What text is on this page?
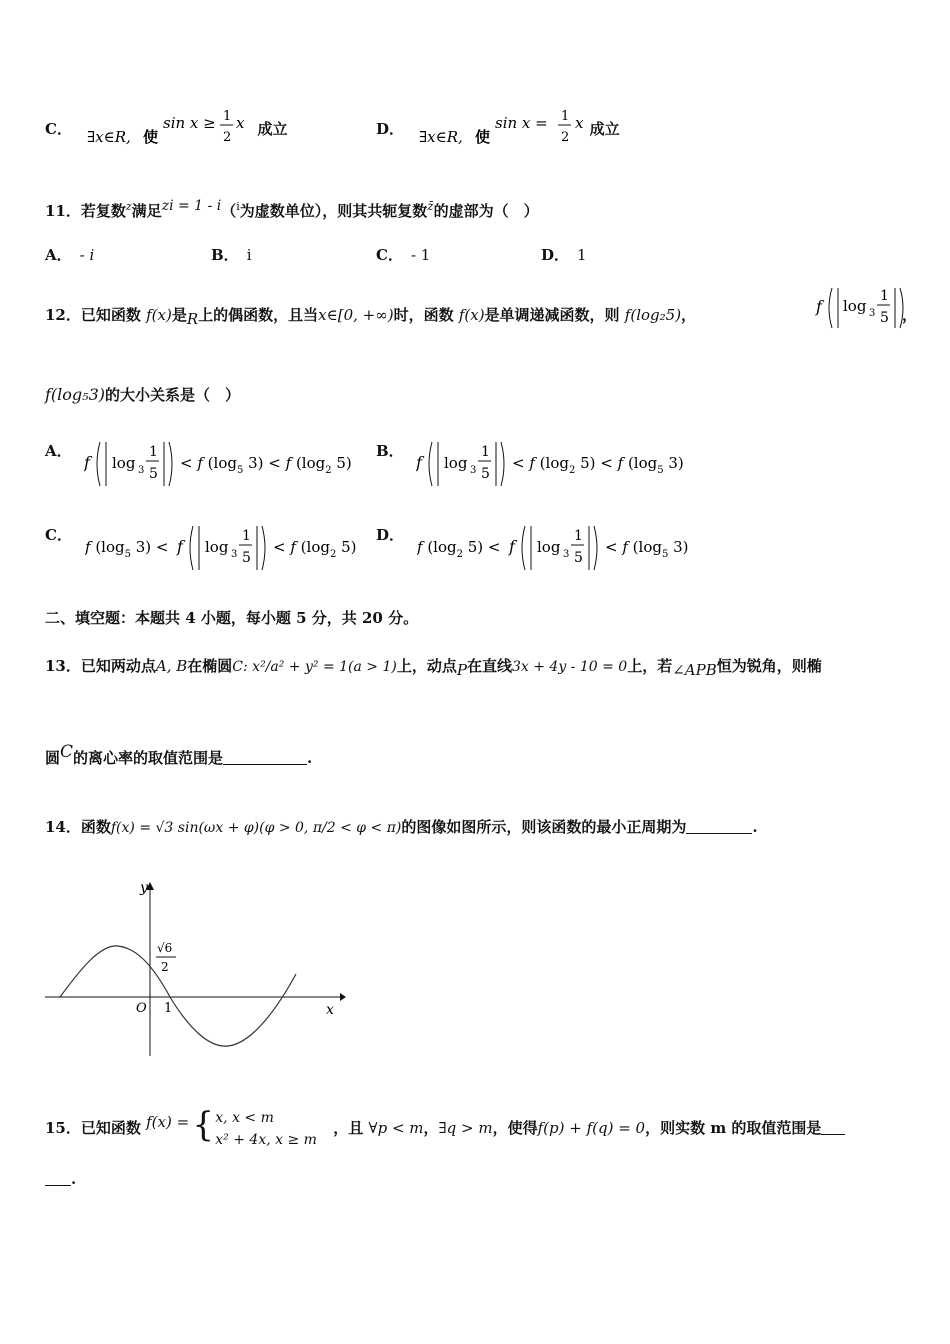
C． ∃x∈R, 使
sin x ≥ 1
2
x 成立	D． ∃x∈R, 使
sin x = 1
2
x 成立
11．若复数$^z$满足$^{zi = 1 - i}$（$^i$为虚数单位），则其共轭复数$^{z̄}$的虚部为（　）
A． - i	B． i	C． - 1	D． 1
12．已知函数 f(x)是$_R$上的偶函数，且当x∈[0, +∞)时，函数 f(x)是单调递减函数，则 f(log₂5)，	f log 3
1
5 ，
f(log₅3)的大小关系是（　）
A．
f log 3
1
5
< f ($\log_5$ 3) < f ($\log_2$ 5)
B．
f log 3
1
5
< f ($\log_2$ 5) < f ($\log_5$ 3)
C．
f ($\log_5$ 3) < f log 3
1
5
< f ($\log_2$ 5)
D．
f ($\log_2$ 5) < f log 3
1
5
< f ($\log_5$ 3)
二、填空题：本题共 4 小题，每小题 5 分，共 20 分。
13．已知两动点A, B在椭圆C: x²/a² + y² = 1(a > 1)上，动点$_P$在直线3x + 4y - 10 = 0上，若$_{\angle APB}$恒为锐角，则椭
圆$^C$的离心率的取值范围是	.
14．函数f(x) = √3 sin(ωx + φ)(φ > 0, π/2 < φ < π)的图像如图所示，则该函数的最小正周期为	.
y
x
O 1
√6
2
15．已知函数 f(x) = { x, x < m
x² + 4x, x ≥ m
，且 ∀p < m，∃q > m，使得f(p) + f(q) = 0，则实数 m 的取值范围是
.
